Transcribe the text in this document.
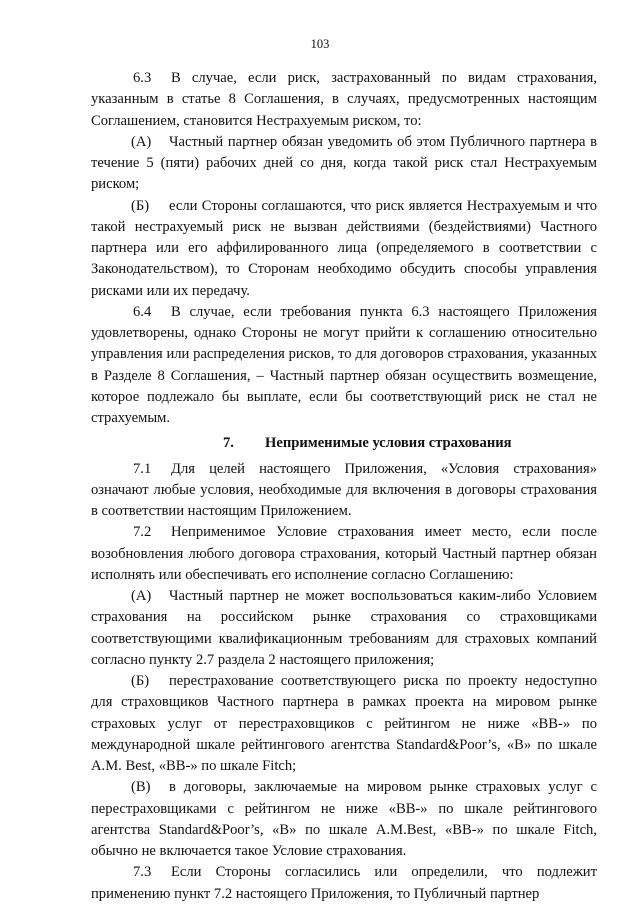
103

6.3 В случае, если риск, застрахованный по видам страхования, указанным в статье 8 Соглашения, в случаях, предусмотренных настоящим Соглашением, становится Нестрахуемым риском, то:

(А) Частный партнер обязан уведомить об этом Публичного партнера в течение 5 (пяти) рабочих дней со дня, когда такой риск стал Нестрахуемым риском;

(Б) если Стороны соглашаются, что риск является Нестрахуемым и что такой нестрахуемый риск не вызван действиями (бездействиями) Частного партнера или его аффилированного лица (определяемого в соответствии с Законодательством), то Сторонам необходимо обсудить способы управления рисками или их передачу.

6.4 В случае, если требования пункта 6.3 настоящего Приложения удовлетворены, однако Стороны не могут прийти к соглашению относительно управления или распределения рисков, то для договоров страхования, указанных в Разделе 8 Соглашения, – Частный партнер обязан осуществить возмещение, которое подлежало бы выплате, если бы соответствующий риск не стал не страхуемым.

7. Неприменимые условия страхования

7.1 Для целей настоящего Приложения, «Условия страхования» означают любые условия, необходимые для включения в договоры страхования в соответствии настоящим Приложением.

7.2 Неприменимое Условие страхования имеет место, если после возобновления любого договора страхования, который Частный партнер обязан исполнять или обеспечивать его исполнение согласно Соглашению:

(А) Частный партнер не может воспользоваться каким-либо Условием страхования на российском рынке страхования со страховщиками соответствующими квалификационным требованиям для страховых компаний согласно пункту 2.7 раздела 2 настоящего приложения;

(Б) перестрахование соответствующего риска по проекту недоступно для страховщиков Частного партнера в рамках проекта на мировом рынке страховых услуг от перестраховщиков с рейтингом не ниже «BB-» по международной шкале рейтингового агентства Standard&Poor’s, «B» по шкале A.M. Best, «BB-» по шкале Fitch;

(В) в договоры, заключаемые на мировом рынке страховых услуг с перестраховщиками с рейтингом не ниже «BB-» по шкале рейтингового агентства Standard&Poor’s, «B» по шкале A.M.Best, «BB-» по шкале Fitch, обычно не включается такое Условие страхования.

7.3 Если Стороны согласились или определили, что подлежит применению пункт 7.2 настоящего Приложения, то Публичный партнер
